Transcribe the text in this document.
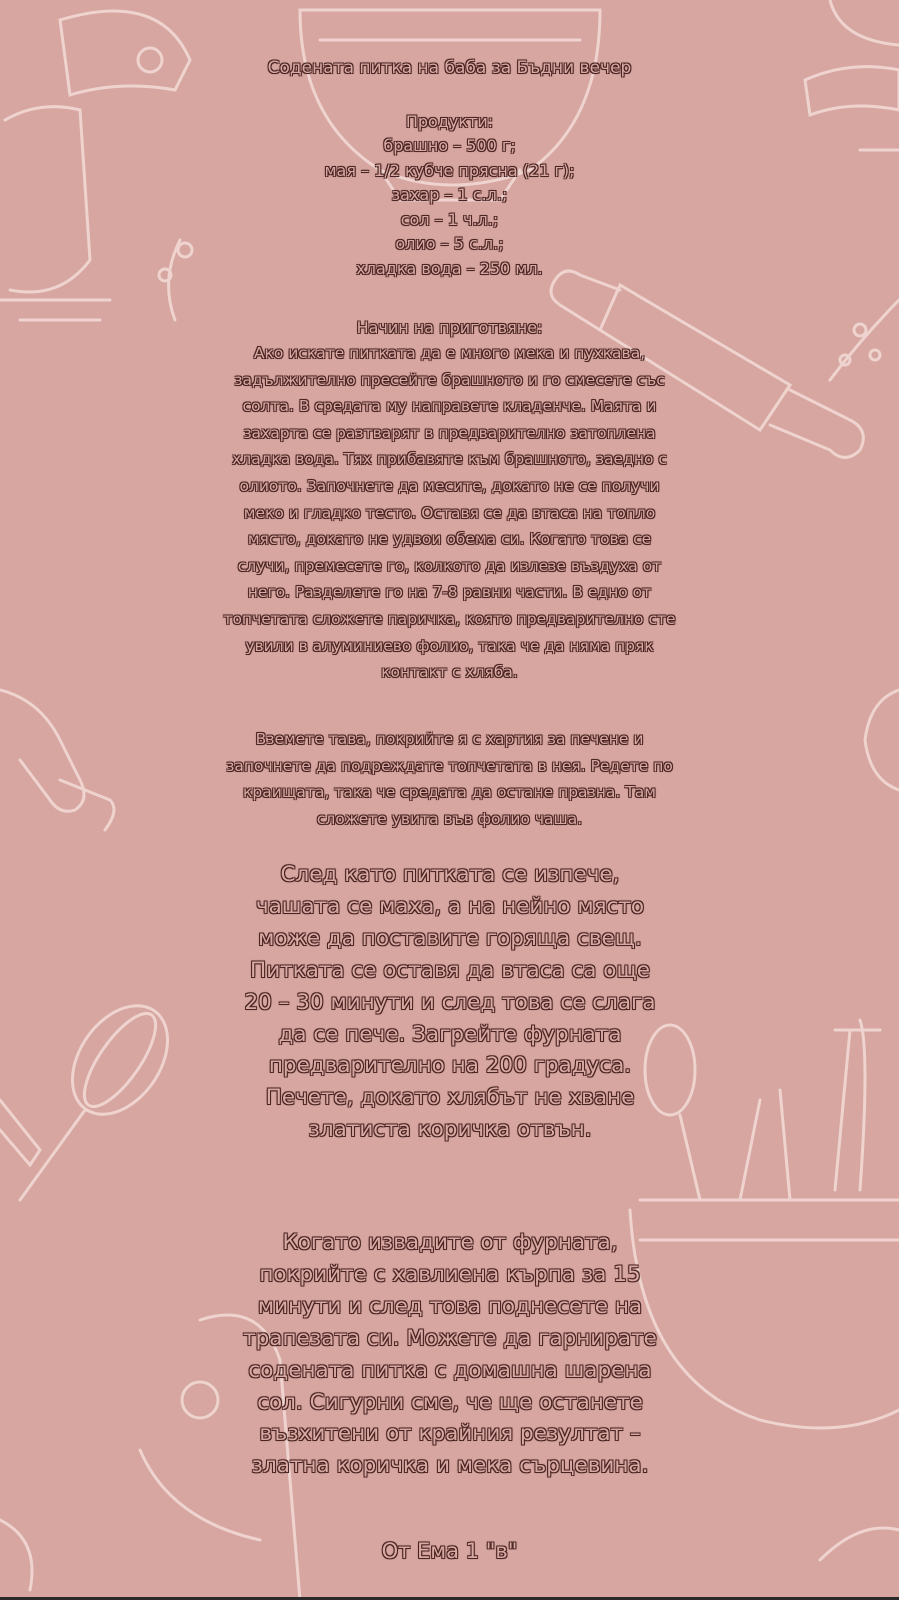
Содената питка на баба за Бъдни вечер
Продукти:
брашно – 500 г;
мая – 1/2 кубче прясна (21 г);
захар – 1 с.л.;
сол – 1 ч.л.;
олио – 5 с.л.;
хладка вода – 250 мл.
Начин на приготвяне:

Ако искате питката да е много мека и пухкава, задължително пресейте брашното и го смесете със солта. В средата му направете кладенче. Маята и захарта се разтварят в предварително затоплена хладка вода. Тях прибавяте към брашното, заедно с олиото. Започнете да месите, докато не се получи меко и гладко тесто. Оставя се да втаса на топло място, докато не удвои обема си. Когато това се случи, премесете го, колкото да излезе въздуха от него. Разделете го на 7-8 равни части. В едно от топчетата сложете паричка, която предварително сте увили в алуминиево фолио, така че да няма пряк контакт с хляба.

Вземете тава, покрийте я с хартия за печене и започнете да подреждате топчетата в нея. Редете по краищата, така че средата да остане празна. Там сложете увита във фолио чаша.

След като питката се изпече, чашата се маха, а на нейно място може да поставите горяща свещ. Питката се оставя да втаса са още 20 – 30 минути и след това се слага да се пече. Загрейте фурната предварително на 200 градуса. Печете, докато хлябът не хване златиста коричка отвън.

Когато извадите от фурната, покрийте с хавлиена кърпа за 15 минути и след това поднесете на трапезата си. Можете да гарнирате содената питка с домашна шарена сол. Сигурни сме, че ще останете възхитени от крайния резултат – златна коричка и мека сърцевина.

От Ема 1 "в"
